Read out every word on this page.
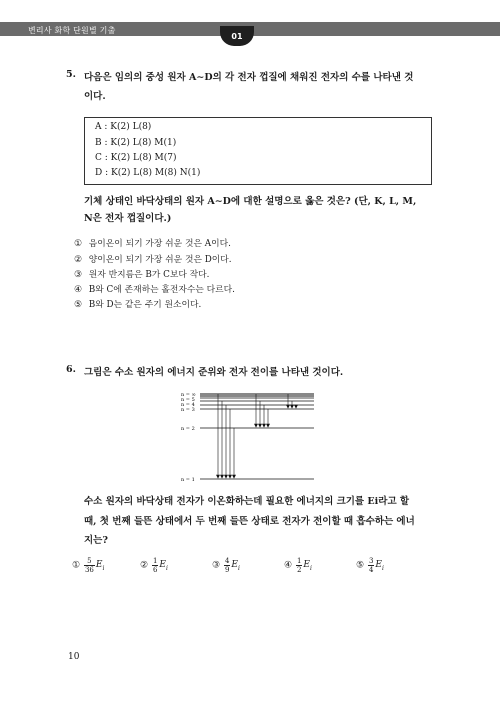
변리사 화학 단원별 기출
01
5. 다음은 임의의 중성 원자 A∼D의 각 전자 껍질에 채워진 전자의 수를 나타낸 것
이다.
A : K(2) L(8)
B : K(2) L(8) M(1)
C : K(2) L(8) M(7)
D : K(2) L(8) M(8) N(1)
기체 상태인 바닥상태의 원자 A∼D에 대한 설명으로 옳은 것은? (단, K, L, M,
N은 전자 껍질이다.)
① 음이온이 되기 가장 쉬운 것은 A이다.
② 양이온이 되기 가장 쉬운 것은 D이다.
③ 원자 반지름은 B가 C보다 작다.
④ B와 C에 존재하는 홀전자수는 다르다.
⑤ B와 D는 같은 주기 원소이다.
6. 그림은 수소 원자의 에너지 준위와 전자 전이를 나타낸 것이다.
n = ∞
n = 5
n = 4
n = 3
n = 2
n = 1
수소 원자의 바닥상태 전자가 이온화하는데 필요한 에너지의 크기를 Ei라고 할
때, 첫 번째 들뜬 상태에서 두 번째 들뜬 상태로 전자가 전이할 때 흡수하는 에너
지는?
① $\frac{5}{36} E_i$	② $\frac{1}{6} E_i$	③ $\frac{4}{9} E_i$	④ $\frac{1}{2} E_i$	⑤ $\frac{3}{4} E_i$
10
